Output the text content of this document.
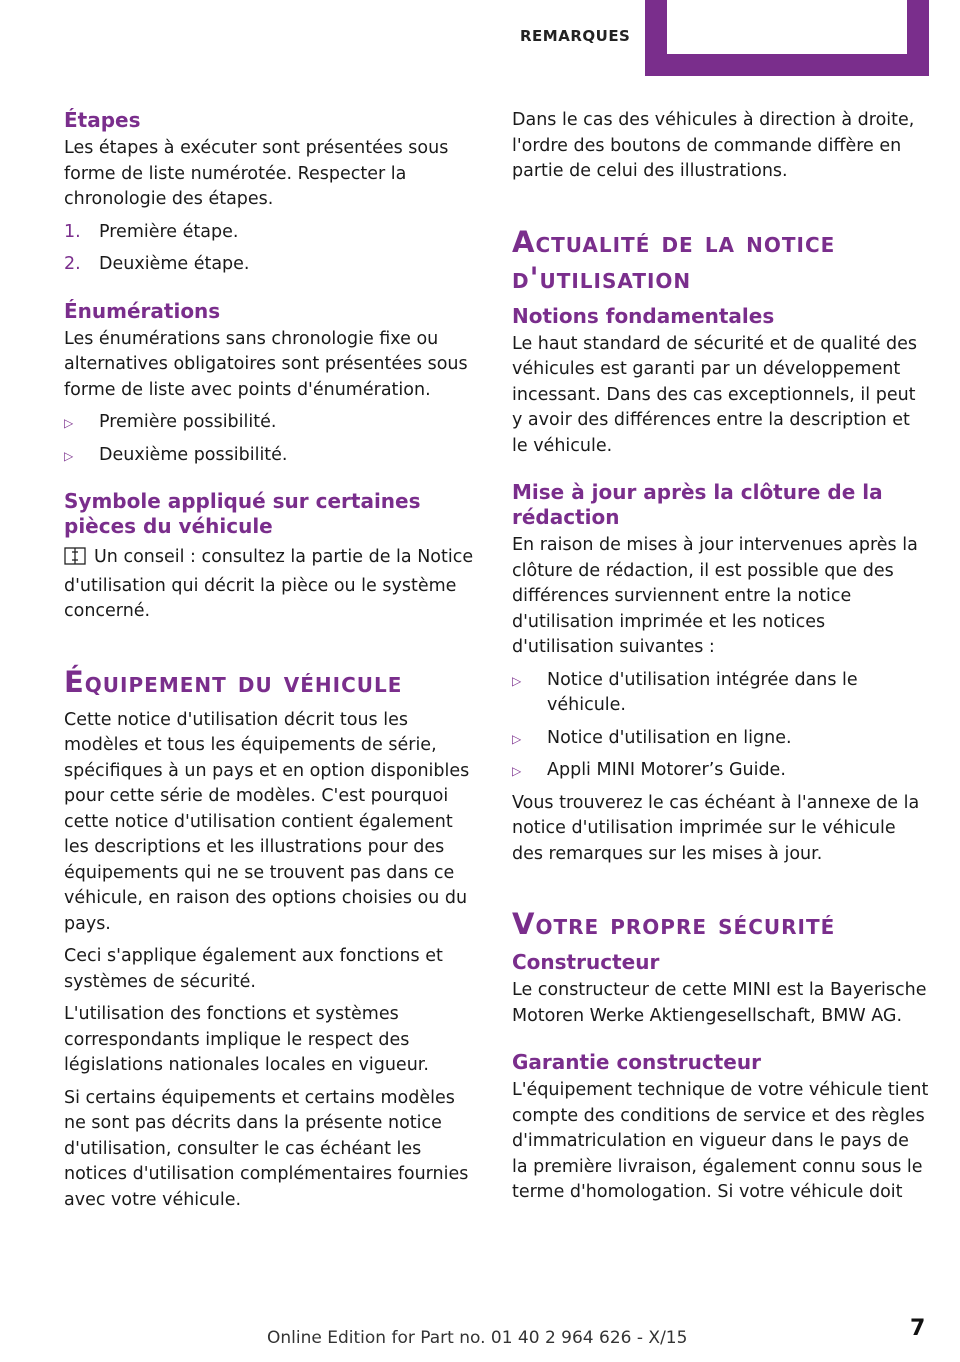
REMARQUES
Étapes
Les étapes à exécuter sont présentées sous forme de liste numérotée. Respecter la chronologie des étapes.
1. Première étape.
2. Deuxième étape.
Énumérations
Les énumérations sans chronologie fixe ou alternatives obligatoires sont présentées sous forme de liste avec points d'énumération.
▷ Première possibilité.
▷ Deuxième possibilité.
Symbole appliqué sur certaines pièces du véhicule
Un conseil : consultez la partie de la Notice d'utilisation qui décrit la pièce ou le système concerné.
Équipement du véhicule
Cette notice d'utilisation décrit tous les modèles et tous les équipements de série, spécifiques à un pays et en option disponibles pour cette série de modèles. C'est pourquoi cette notice d'utilisation contient également les descriptions et les illustrations pour des équipements qui ne se trouvent pas dans ce véhicule, en raison des options choisies ou du pays.
Ceci s'applique également aux fonctions et systèmes de sécurité.
L'utilisation des fonctions et systèmes correspondants implique le respect des législations nationales locales en vigueur.
Si certains équipements et certains modèles ne sont pas décrits dans la présente notice d'utilisation, consulter le cas échéant les notices d'utilisation complémentaires fournies avec votre véhicule.
Dans le cas des véhicules à direction à droite, l'ordre des boutons de commande diffère en partie de celui des illustrations.
Actualité de la notice d'utilisation
Notions fondamentales
Le haut standard de sécurité et de qualité des véhicules est garanti par un développement incessant. Dans des cas exceptionnels, il peut y avoir des différences entre la description et le véhicule.
Mise à jour après la clôture de la rédaction
En raison de mises à jour intervenues après la clôture de rédaction, il est possible que des différences surviennent entre la notice d'utilisation imprimée et les notices d'utilisation suivantes :
▷ Notice d'utilisation intégrée dans le véhicule.
▷ Notice d'utilisation en ligne.
▷ Appli MINI Motorer’s Guide.
Vous trouverez le cas échéant à l'annexe de la notice d'utilisation imprimée sur le véhicule des remarques sur les mises à jour.
Votre propre sécurité
Constructeur
Le constructeur de cette MINI est la Bayerische Motoren Werke Aktiengesellschaft, BMW AG.
Garantie constructeur
L'équipement technique de votre véhicule tient compte des conditions de service et des règles d'immatriculation en vigueur dans le pays de la première livraison, également connu sous le terme d'homologation. Si votre véhicule doit
Online Edition for Part no. 01 40 2 964 626 - X/15	7
